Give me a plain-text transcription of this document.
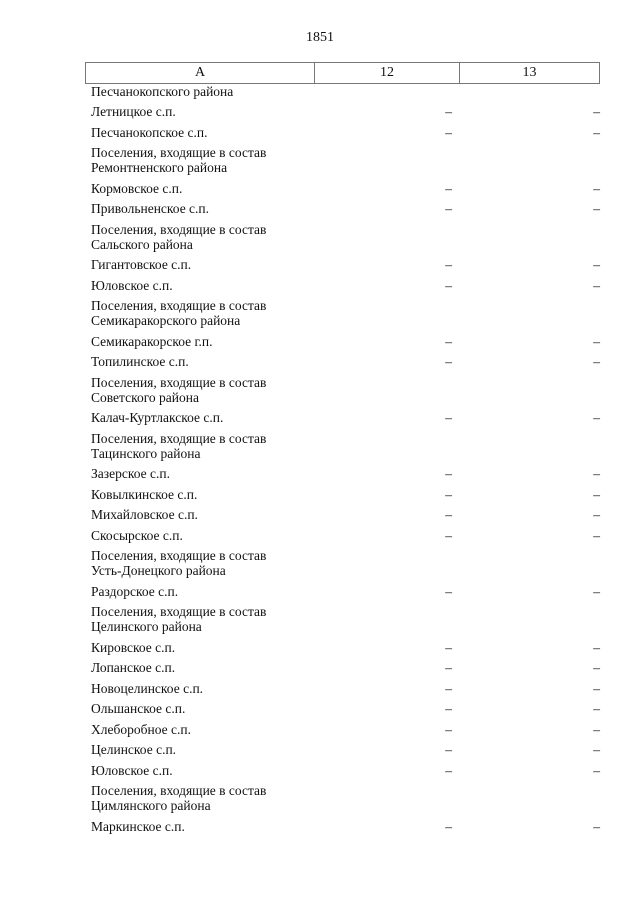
1851
А	12	13
Песчанокопского района
Летницкое с.п.	–	–
Песчанокопское с.п.	–	–
Поселения, входящие в состав
Ремонтненского района
Кормовское с.п.	–	–
Привольненское с.п.	–	–
Поселения, входящие в состав
Сальского района
Гигантовское с.п.	–	–
Юловское с.п.	–	–
Поселения, входящие в состав
Семикаракорского района
Семикаракорское г.п.	–	–
Топилинское с.п.	–	–
Поселения, входящие в состав
Советского района
Калач-Куртлакское с.п.	–	–
Поселения, входящие в состав
Тацинского района
Зазерское с.п.	–	–
Ковылкинское с.п.	–	–
Михайловское с.п.	–	–
Скосырское с.п.	–	–
Поселения, входящие в состав
Усть-Донецкого района
Раздорское с.п.	–	–
Поселения, входящие в состав
Целинского района
Кировское с.п.	–	–
Лопанское с.п.	–	–
Новоцелинское с.п.	–	–
Ольшанское с.п.	–	–
Хлеборобное с.п.	–	–
Целинское с.п.	–	–
Юловское с.п.	–	–
Поселения, входящие в состав
Цимлянского района
Маркинское с.п.	–	–
